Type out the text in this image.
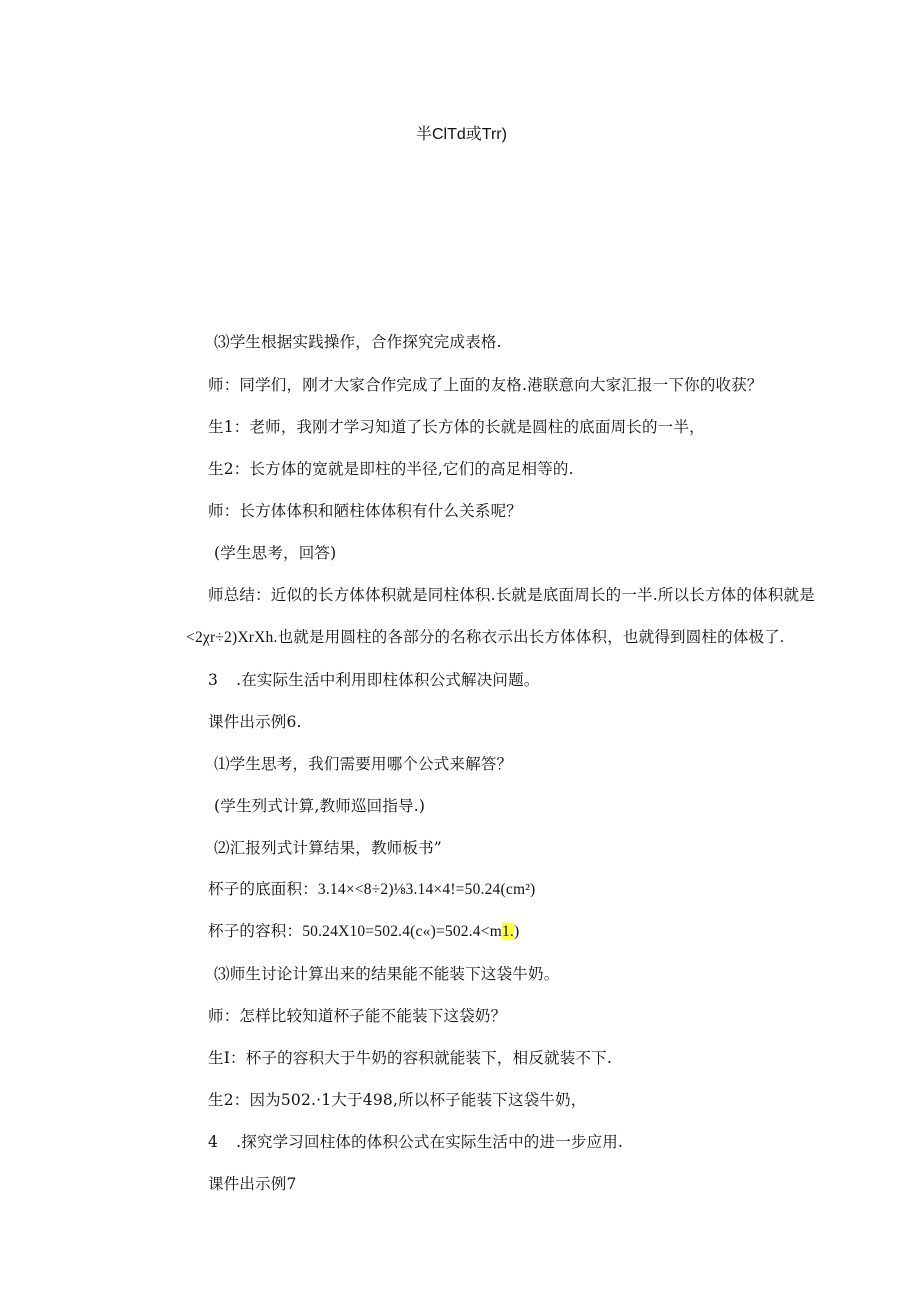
半ClTd或Trr)
⑶学生根据实践操作，合作探究完成表格.
师：同学们，刚才大家合作完成了上面的友格.港联意向大家汇报一下你的收获？
生1：老师，我刚才学习知道了长方体的长就是圆柱的底面周长的一半，
生2：长方体的宽就是即柱的半径,它们的高足相等的.
师：长方体体积和陋柱体体积有什么关系呢？
(学生思考，回答)
师总结：近似的长方体体积就是同柱体积.长就是底面周长的一半.所以长方体的体积就是
<2χr÷2)XrXh.也就是用圆柱的各部分的名称衣示出长方体体积，也就得到圆柱的体极了.
3 .在实际生活中利用即柱体积公式解决问题。
课件出示例6.
⑴学生思考，我们需要用哪个公式来解答？
(学生列式计算,教师巡回指导.)
⑵汇报列式计算结果，教师板书”
杯子的底面积：3.14×<8÷2)⅛3.14×4!=50.24(cm²)
杯子的容积：50.24X10=502.4(c«)=502.4<m1.)
⑶师生讨论计算出来的结果能不能装下这袋牛奶。
师：怎样比较知道杯子能不能装下这袋奶？
生I：杯子的容积大于牛奶的容积就能装下，相反就装不下.
生2：因为502.·1大于498,所以杯子能装下这袋牛奶，
4 .探究学习回柱体的体积公式在实际生活中的进一步应用.
课件出示例7
